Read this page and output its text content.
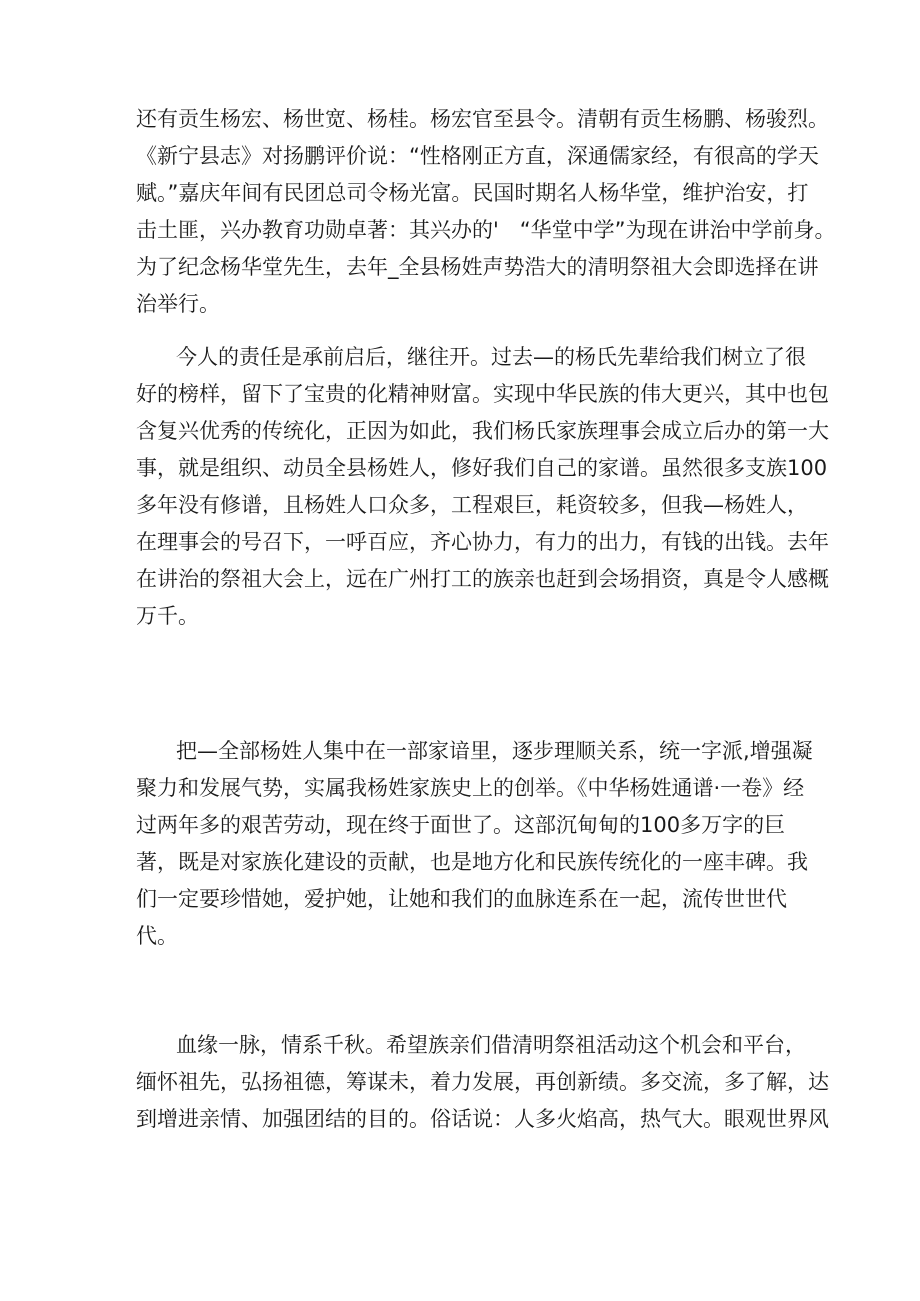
还有贡生杨宏、杨世宽、杨桂。杨宏官至县令。清朝有贡生杨鹏、杨骏烈。
《新宁县志》对扬鹏评价说：“性格刚正方直，深通儒家经，有很高的学天
赋。”嘉庆年间有民团总司令杨光富。民国时期名人杨华堂，维护治安，打
击土匪，兴办教育功勋卓著：其兴办的'　“华堂中学”为现在讲治中学前身。
为了纪念杨华堂先生，去年_全县杨姓声势浩大的清明祭祖大会即选择在讲
治举行。

今人的责任是承前启后，继往开。过去—的杨氏先辈给我们树立了很
好的榜样，留下了宝贵的化精神财富。实现中华民族的伟大更兴，其中也包
含复兴优秀的传统化，正因为如此，我们杨氏家族理事会成立后办的第一大
事，就是组织、动员全县杨姓人，修好我们自己的家谱。虽然很多支族100
多年没有修谱，且杨姓人口众多，工程艰巨，耗资较多，但我—杨姓人，
在理事会的号召下，一呼百应，齐心协力，有力的出力，有钱的出钱。去年
在讲治的祭祖大会上，远在广州打工的族亲也赶到会场捐资，真是令人感概
万千。

把—全部杨姓人集中在一部家谙里，逐步理顺关系，统一字派,增强凝
聚力和发展气势，实属我杨姓家族史上的创举。《中华杨姓通谱·一卷》经
过两年多的艰苦劳动，现在终于面世了。这部沉甸甸的100多万字的巨
著，既是对家族化建设的贡献，也是地方化和民族传统化的一座丰碑。我
们一定要珍惜她，爱护她，让她和我们的血脉连系在一起，流传世世代
代。

血缘一脉，情系千秋。希望族亲们借清明祭祖活动这个机会和平台，
缅怀祖先，弘扬祖德，筹谋未，着力发展，再创新绩。多交流，多了解，达
到增进亲情、加强团结的目的。俗话说：人多火焰高，热气大。眼观世界风
